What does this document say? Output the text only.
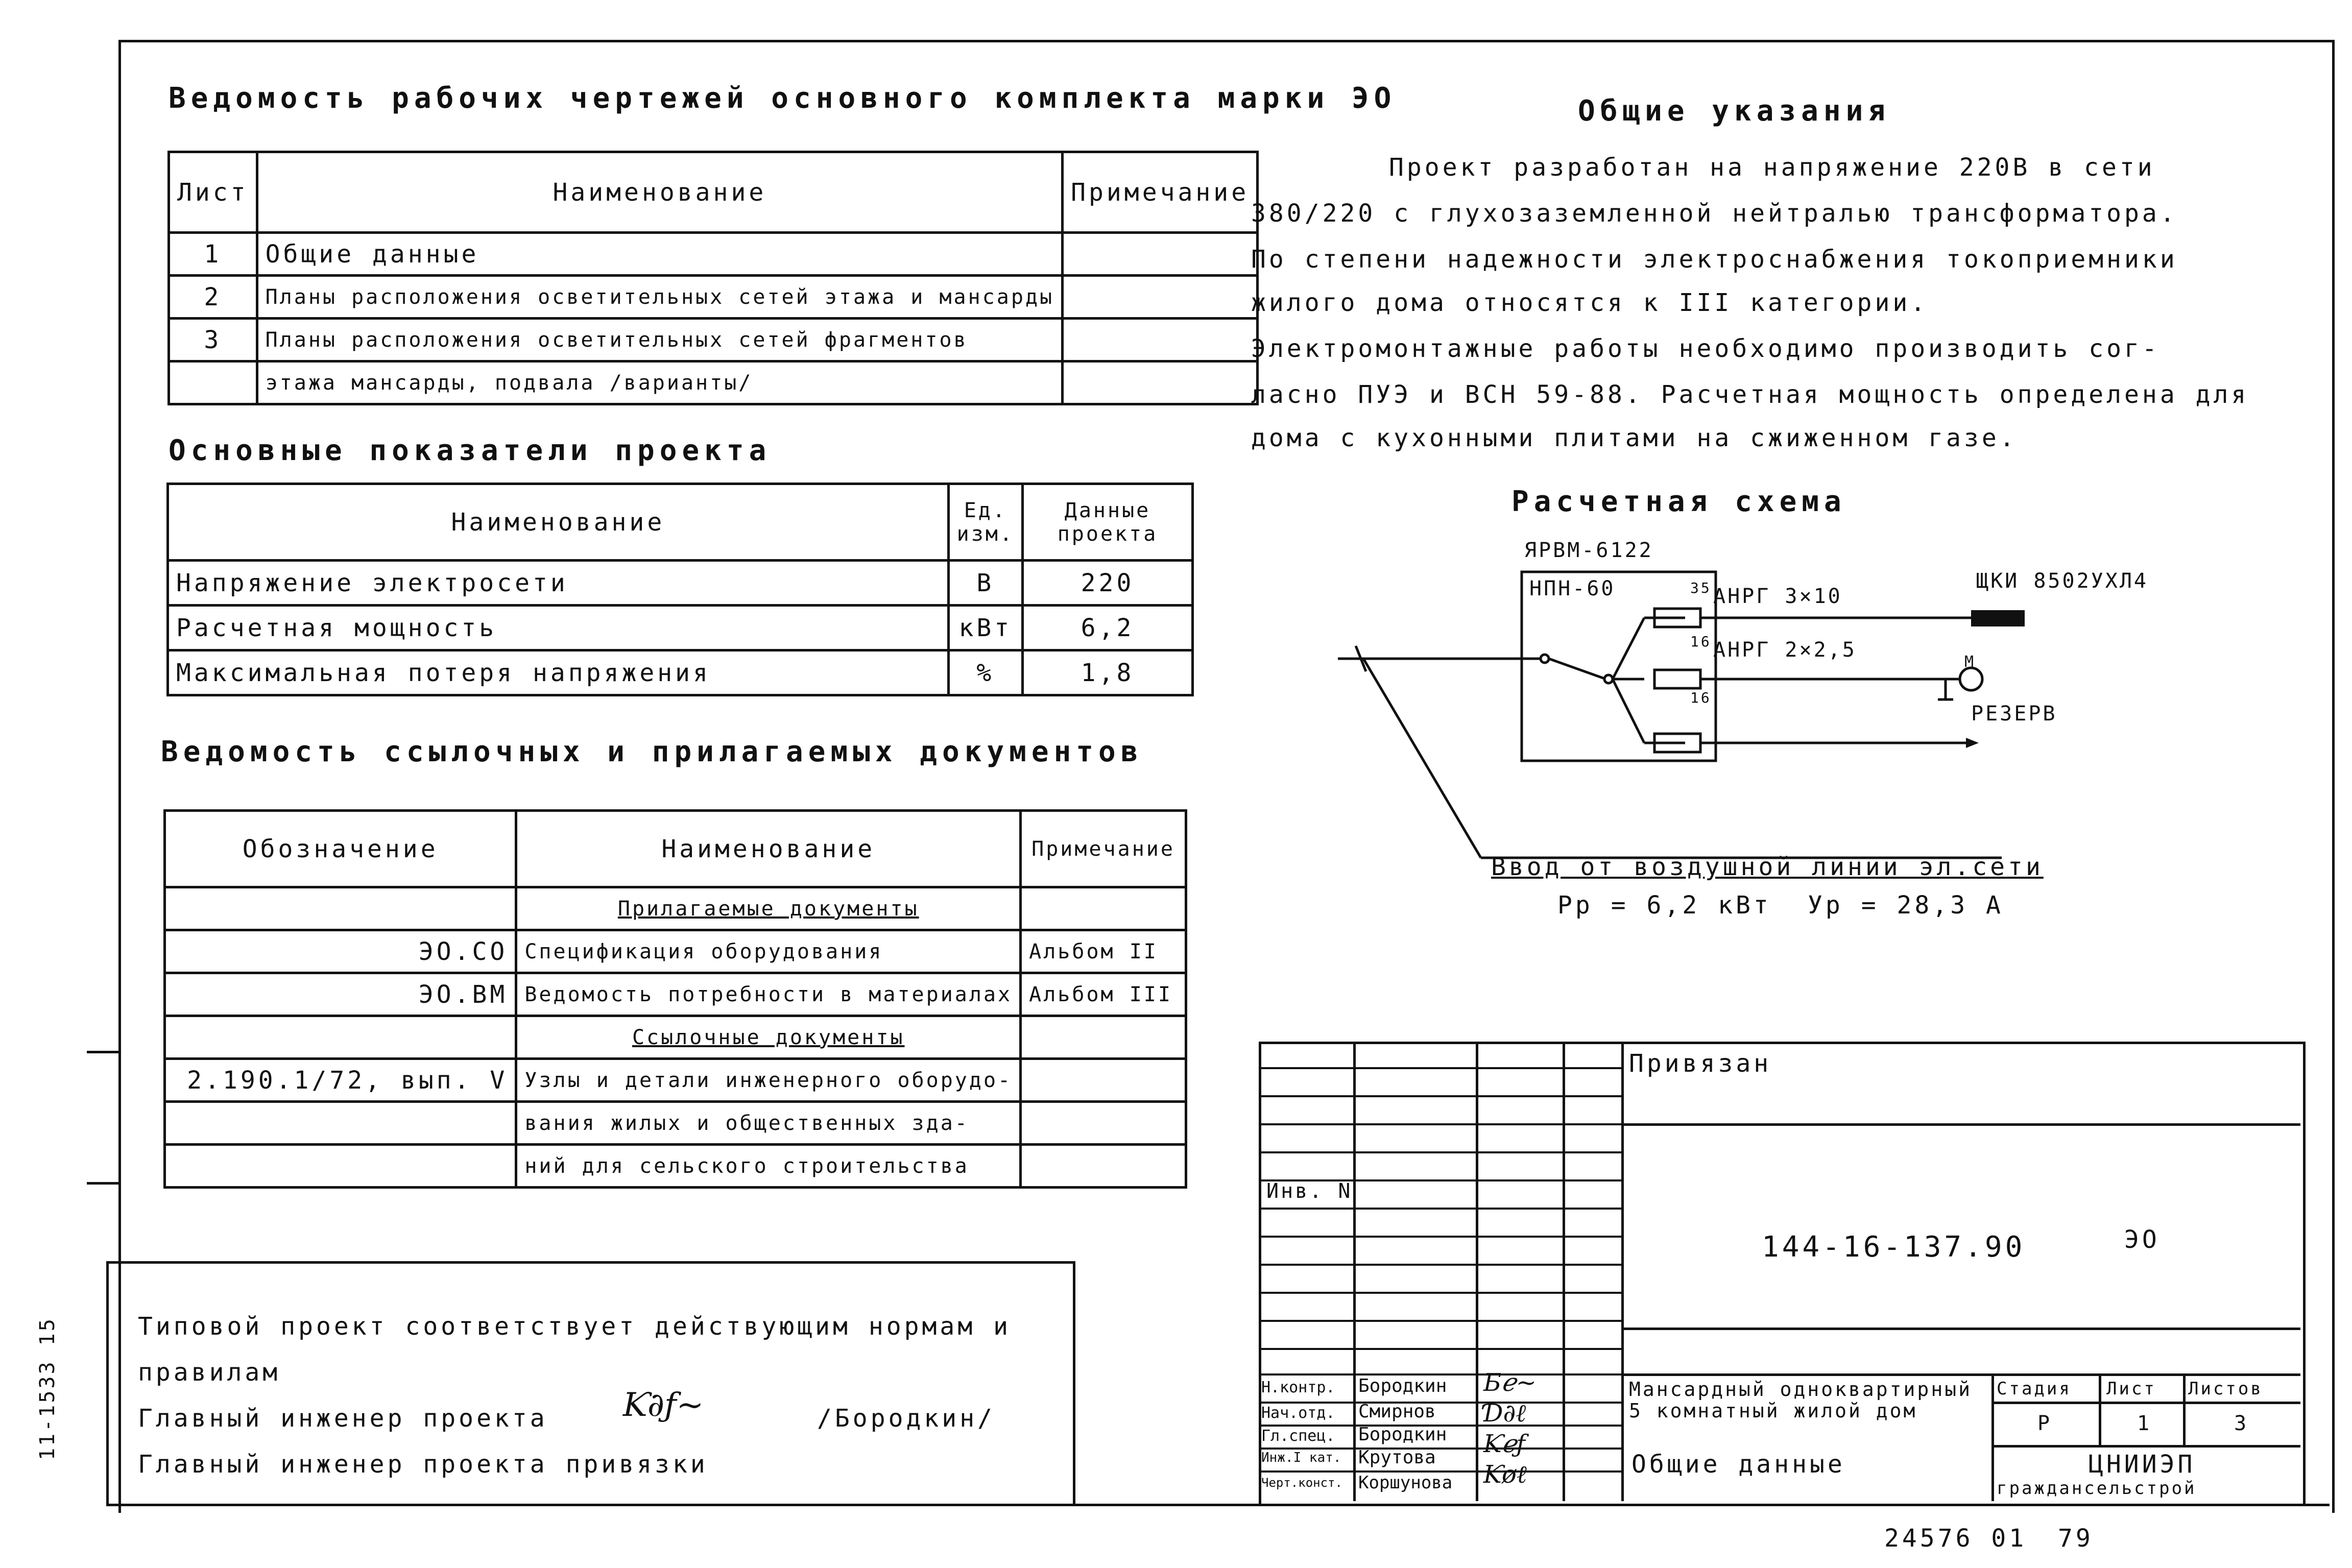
11-1533 15
Ведомость рабочих чертежей основного комплекта марки ЭО
Лист	Наименование	Примечание
1	Общие данные	
2	Планы расположения осветительных сетей этажа и мансарды	
3	Планы расположения осветительных сетей фрагментов	
	этажа мансарды, подвала /варианты/	
Основные показатели проекта
Наименование	Ед. изм.	Данные проекта
Напряжение электросети	В	220
Расчетная мощность	кВт	6,2
Максимальная потеря напряжения	%	1,8
Ведомость ссылочных и прилагаемых документов
Обозначение	Наименование	Примечание
	Прилагаемые документы	
ЭО.СО	Спецификация оборудования	Альбом II
ЭО.ВМ	Ведомость потребности в материалах	Альбом III
	Ссылочные документы	
2.190.1/72, вып. V	Узлы и детали инженерного оборудо-	
	вания жилых и общественных зда-	
	ний для сельского строительства	
Типовой проект соответствует действующим нормам и
правилам
Главный инженер проекта Ƙ∂ƒ~	/Бородкин/
Главный инженер проекта привязки
Общие указания
Проект разработан на напряжение 220В в сети
380/220 с глухозаземленной нейтралью трансформатора.
По степени надежности электроснабжения токоприемники
жилого дома относятся к III категории.
Электромонтажные работы необходимо производить сог-
ласно ПУЭ и ВСН 59-88. Расчетная мощность определена для
дома с кухонными плитами на сжиженном газе.
Расчетная схема
ЯРВМ-6122
НПН-60	АНРГ 3×10
ЩКИ 8502УХЛ4
АНРГ 2×2,5
РЕЗЕРВ
35
16
16
М
Ввод от воздушной линии эл.сети
Рр = 6,2 кВт Ур = 28,3 А
Инв. N
Н.контр. Бородкин
Нач.отд. Смирнов
Гл.спец. Бородкин
Инж.I кат. Крутова
Черт.конст. Коршунова
Ƃℯ~
Ɗ∂ℓ
Ƙℯƒ
Ƙøℓ
Привязан
144-16-137.90	ЭО
Мансардный одноквартирный 5 комнатный жилой дом
Общие данные
Стадия Лист Листов
Р	1	3
ЦНИИЭП
граждансельстрой
24576 01 79
